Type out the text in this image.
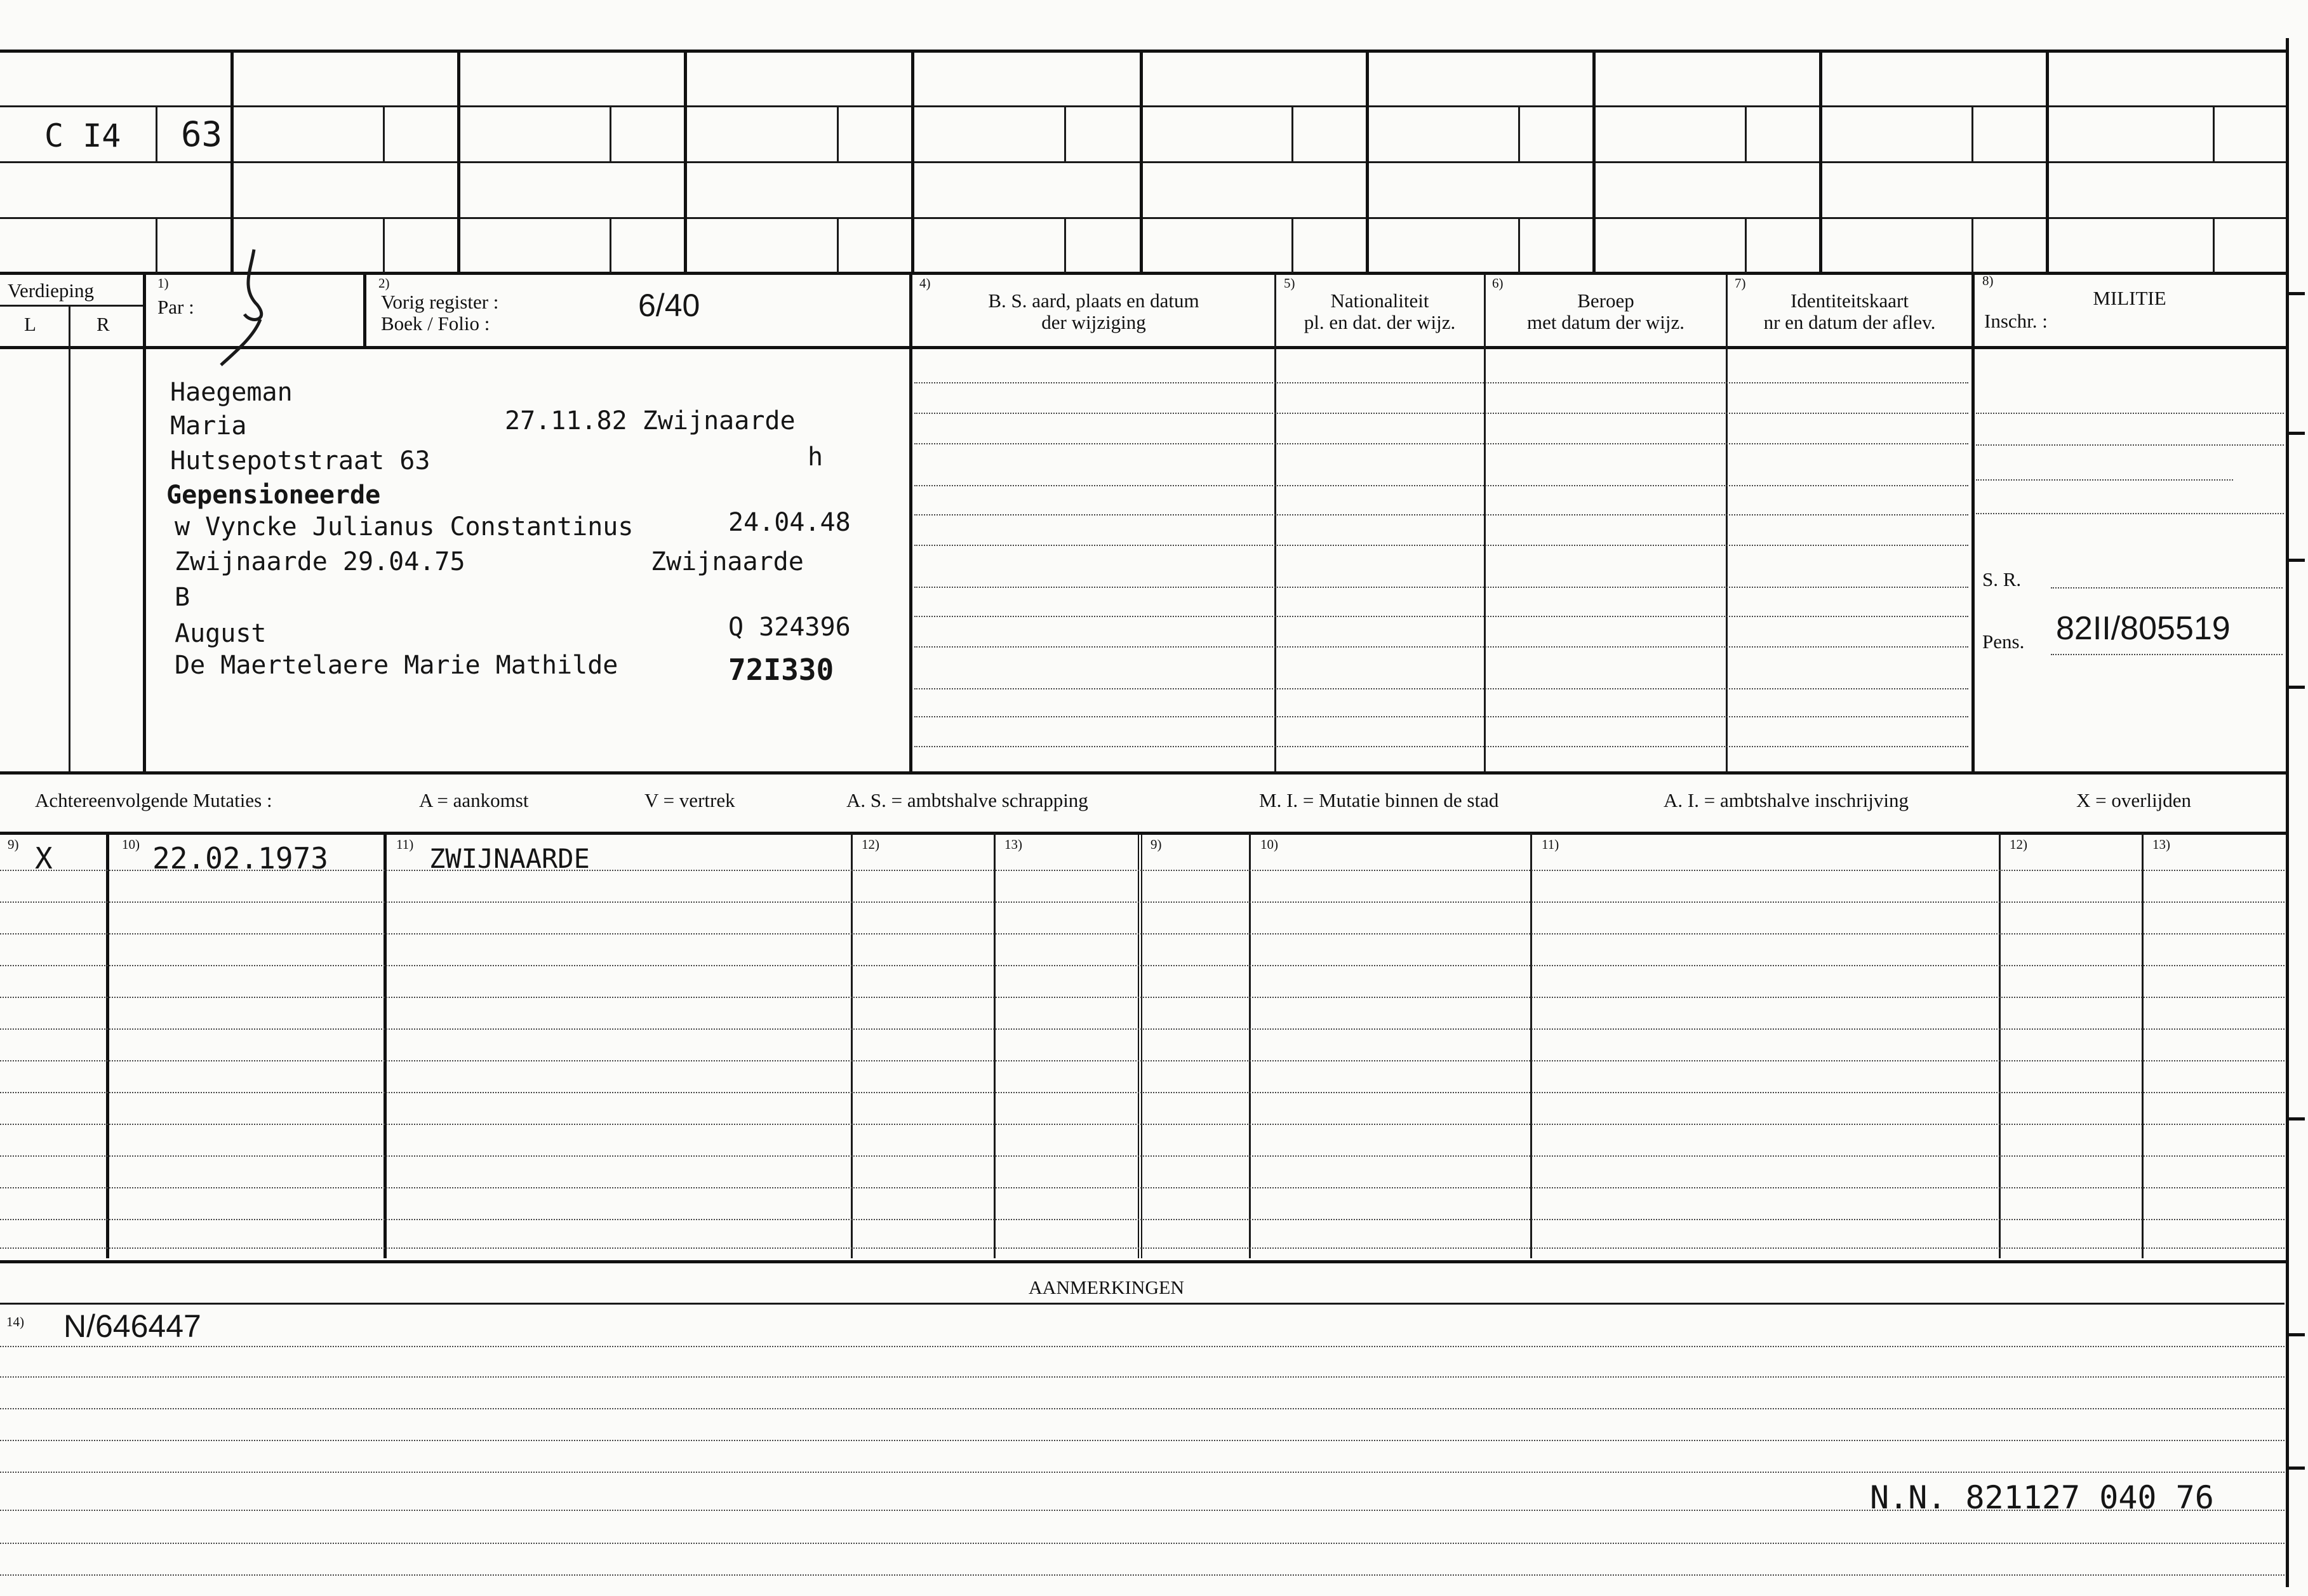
C I4 63
Verdieping
L	R
1)
Par :
2)
Vorig register :
Boek / Folio :
6/40
4)
B. S. aard, plaats en datum
der wijziging
5)
Nationaliteit
pl. en dat. der wijz.
6)
Beroep
met datum der wijz.
7)
Identiteitskaart
nr en datum der aflev.
8)
MILITIE
Inschr. :
S. R.
Pens. 82II/805519
Haegeman
Maria	27.11.82 Zwijnaarde
Hutsepotstraat 63	h
Gepensioneerde
w Vyncke Julianus Constantinus	24.04.48
Zwijnaarde 29.04.75	Zwijnaarde
B
August	Q 324396
De Maertelaere Marie Mathilde	72I330
Achtereenvolgende Mutaties :	A = aankomst	V = vertrek	A. S. = ambtshalve schrapping	M. I. = Mutatie binnen de stad	A. I. = ambtshalve inschrijving	X = overlijden
9)	10)	11)	12)	13)	9)	10)	11)	12)	13)
X	22.02.1973	ZWIJNAARDE
AANMERKINGEN
14) N/646447
N.N. 821127 040 76
